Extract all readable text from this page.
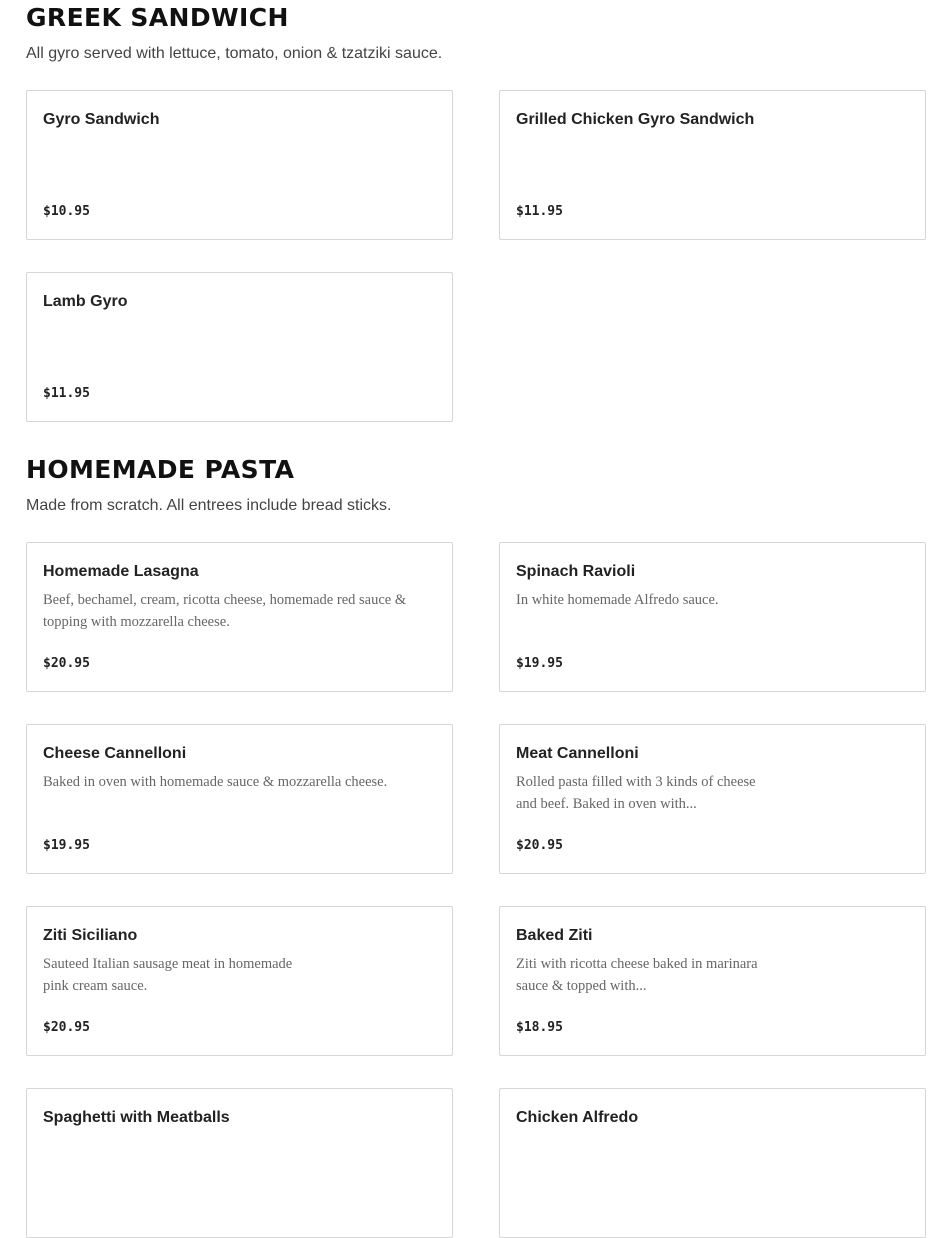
GREEK SANDWICH

All gyro served with lettuce, tomato, onion & tzatziki sauce.

Gyro Sandwich
$10.95
Grilled Chicken Gyro Sandwich
$11.95
Lamb Gyro
$11.95
HOMEMADE PASTA

Made from scratch. All entrees include bread sticks.

Homemade Lasagna
Beef, bechamel, cream, ricotta cheese, homemade red sauce & topping with mozzarella cheese.
$20.95
Spinach Ravioli
In white homemade Alfredo sauce.
$19.95
Cheese Cannelloni
Baked in oven with homemade sauce & mozzarella cheese.
$19.95
Meat Cannelloni
Rolled pasta filled with 3 kinds of cheese and beef. Baked in oven with...
$20.95
Ziti Siciliano
Sauteed Italian sausage meat in homemade pink cream sauce.
$20.95
Baked Ziti
Ziti with ricotta cheese baked in marinara sauce & topped with...
$18.95
Spaghetti with Meatballs	Chicken Alfredo
